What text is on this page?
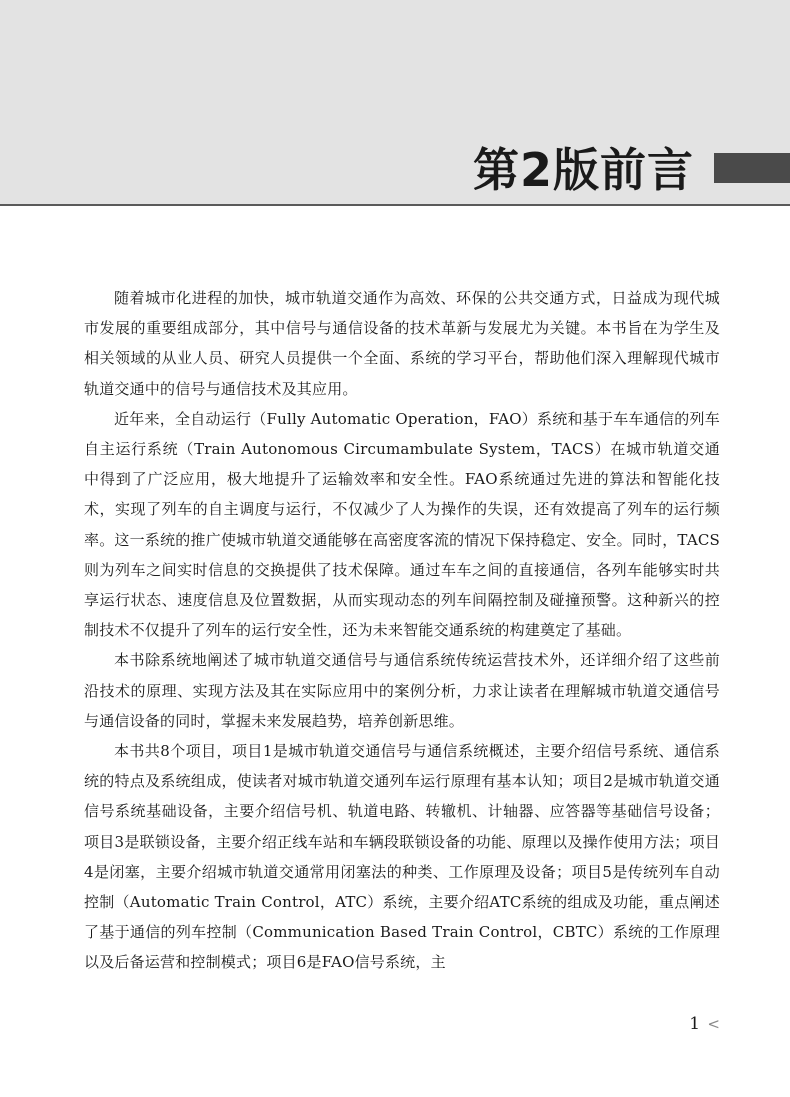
第2版前言

随着城市化进程的加快，城市轨道交通作为高效、环保的公共交通方式，日益成为现代城市发展的重要组成部分，其中信号与通信设备的技术革新与发展尤为关键。本书旨在为学生及相关领域的从业人员、研究人员提供一个全面、系统的学习平台，帮助他们深入理解现代城市轨道交通中的信号与通信技术及其应用。

近年来，全自动运行（Fully Automatic Operation，FAO）系统和基于车车通信的列车自主运行系统（Train Autonomous Circumambulate System，TACS）在城市轨道交通中得到了广泛应用，极大地提升了运输效率和安全性。FAO系统通过先进的算法和智能化技术，实现了列车的自主调度与运行，不仅减少了人为操作的失误，还有效提高了列车的运行频率。这一系统的推广使城市轨道交通能够在高密度客流的情况下保持稳定、安全。同时，TACS则为列车之间实时信息的交换提供了技术保障。通过车车之间的直接通信，各列车能够实时共享运行状态、速度信息及位置数据，从而实现动态的列车间隔控制及碰撞预警。这种新兴的控制技术不仅提升了列车的运行安全性，还为未来智能交通系统的构建奠定了基础。

本书除系统地阐述了城市轨道交通信号与通信系统传统运营技术外，还详细介绍了这些前沿技术的原理、实现方法及其在实际应用中的案例分析，力求让读者在理解城市轨道交通信号与通信设备的同时，掌握未来发展趋势，培养创新思维。

本书共8个项目，项目1是城市轨道交通信号与通信系统概述，主要介绍信号系统、通信系统的特点及系统组成，使读者对城市轨道交通列车运行原理有基本认知；项目2是城市轨道交通信号系统基础设备，主要介绍信号机、轨道电路、转辙机、计轴器、应答器等基础信号设备；项目3是联锁设备，主要介绍正线车站和车辆段联锁设备的功能、原理以及操作使用方法；项目4是闭塞，主要介绍城市轨道交通常用闭塞法的种类、工作原理及设备；项目5是传统列车自动控制（Automatic Train Control，ATC）系统，主要介绍ATC系统的组成及功能，重点阐述了基于通信的列车控制（Communication Based Train Control，CBTC）系统的工作原理以及后备运营和控制模式；项目6是FAO信号系统，主

1 <
